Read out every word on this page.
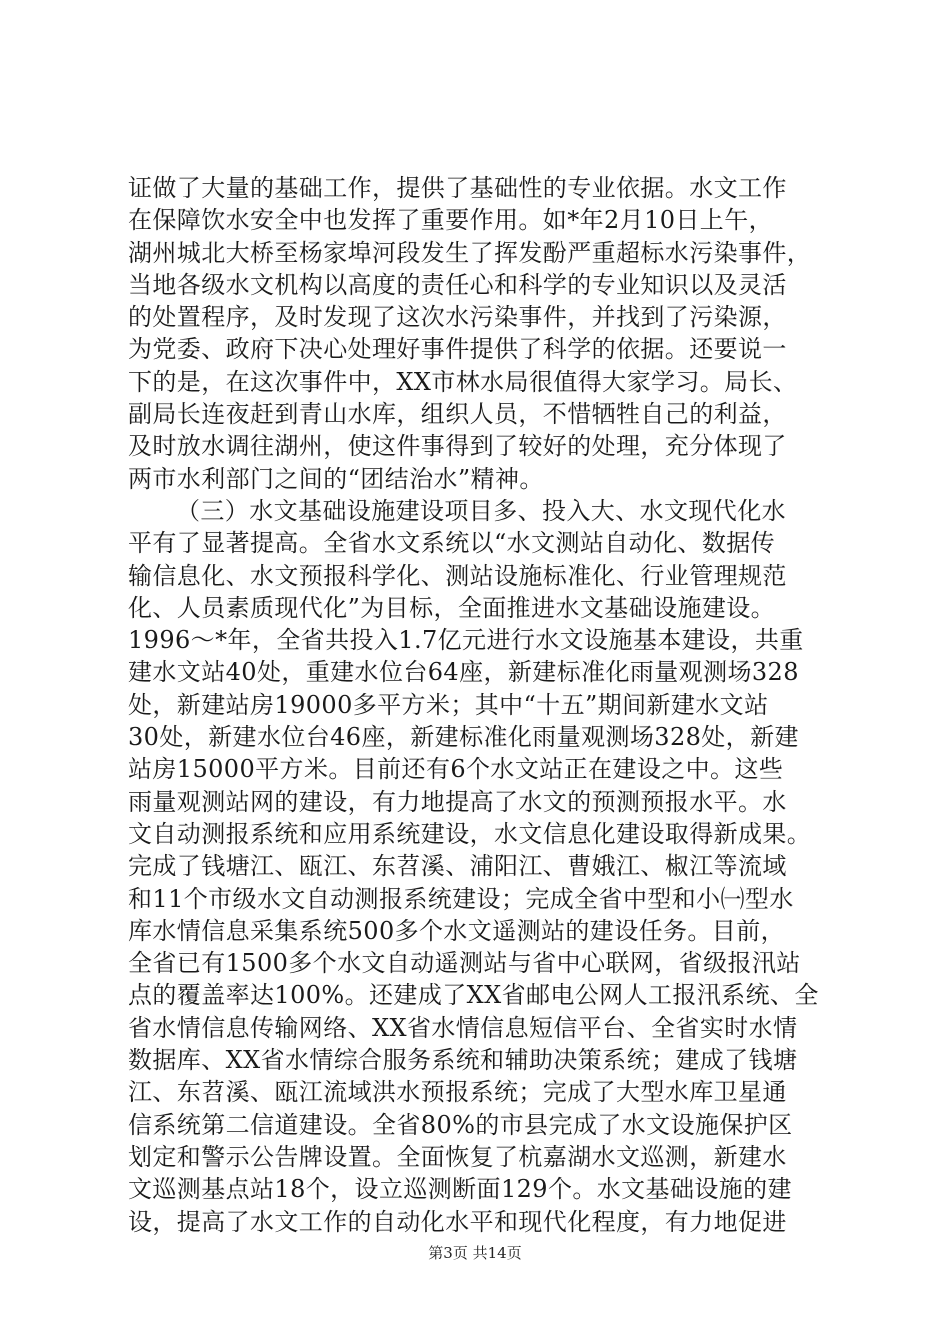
证做了大量的基础工作，提供了基础性的专业依据。水文工作
在保障饮水安全中也发挥了重要作用。如*年2月10日上午，
湖州城北大桥至杨家埠河段发生了挥发酚严重超标水污染事件，
当地各级水文机构以高度的责任心和科学的专业知识以及灵活
的处置程序，及时发现了这次水污染事件，并找到了污染源，
为党委、政府下决心处理好事件提供了科学的依据。还要说一
下的是，在这次事件中，XX市林水局很值得大家学习。局长、
副局长连夜赶到青山水库，组织人员，不惜牺牲自己的利益，
及时放水调往湖州，使这件事得到了较好的处理，充分体现了
两市水利部门之间的“团结治水”精神。
（三）水文基础设施建设项目多、投入大、水文现代化水
平有了显著提高。全省水文系统以“水文测站自动化、数据传
输信息化、水文预报科学化、测站设施标准化、行业管理规范
化、人员素质现代化”为目标，全面推进水文基础设施建设。
1996～*年，全省共投入1.7亿元进行水文设施基本建设，共重
建水文站40处，重建水位台64座，新建标准化雨量观测场328
处，新建站房19000多平方米；其中“十五”期间新建水文站
30处，新建水位台46座，新建标准化雨量观测场328处，新建
站房15000平方米。目前还有6个水文站正在建设之中。这些
雨量观测站网的建设，有力地提高了水文的预测预报水平。水
文自动测报系统和应用系统建设，水文信息化建设取得新成果。
完成了钱塘江、瓯江、东苕溪、浦阳江、曹娥江、椒江等流域
和11个市级水文自动测报系统建设；完成全省中型和小㈠型水
库水情信息采集系统500多个水文遥测站的建设任务。目前，
全省已有1500多个水文自动遥测站与省中心联网，省级报汛站
点的覆盖率达100%。还建成了XX省邮电公网人工报汛系统、全
省水情信息传输网络、XX省水情信息短信平台、全省实时水情
数据库、XX省水情综合服务系统和辅助决策系统；建成了钱塘
江、东苕溪、瓯江流域洪水预报系统；完成了大型水库卫星通
信系统第二信道建设。全省80%的市县完成了水文设施保护区
划定和警示公告牌设置。全面恢复了杭嘉湖水文巡测，新建水
文巡测基点站18个，设立巡测断面129个。水文基础设施的建
设，提高了水文工作的自动化水平和现代化程度，有力地促进
第3页 共14页
